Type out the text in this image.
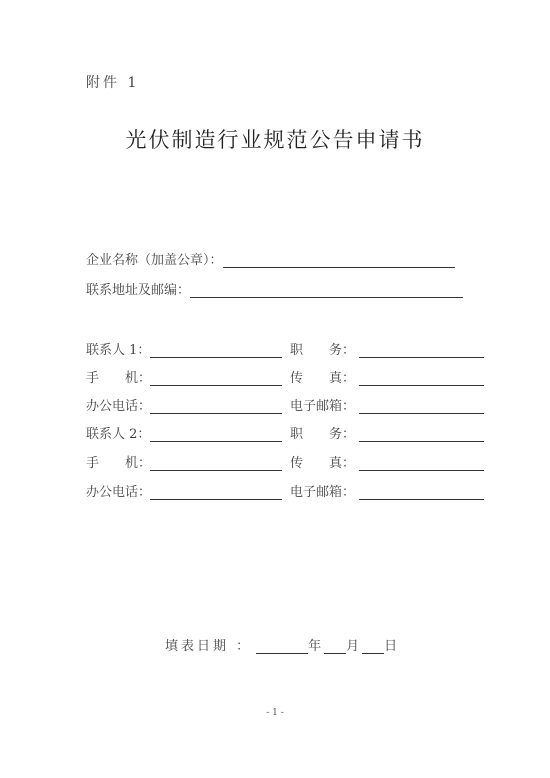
附件 1
光伏制造行业规范公告申请书
企业名称（加盖公章）：
联系地址及邮编：
联系人 1：	职　　务：
手　　机：	传　　真：
办公电话：	电子邮箱：
联系人 2：	职　　务：
手　　机：	传　　真：
办公电话：	电子邮箱：
填表日期 ：	年 月 日
- 1 -
